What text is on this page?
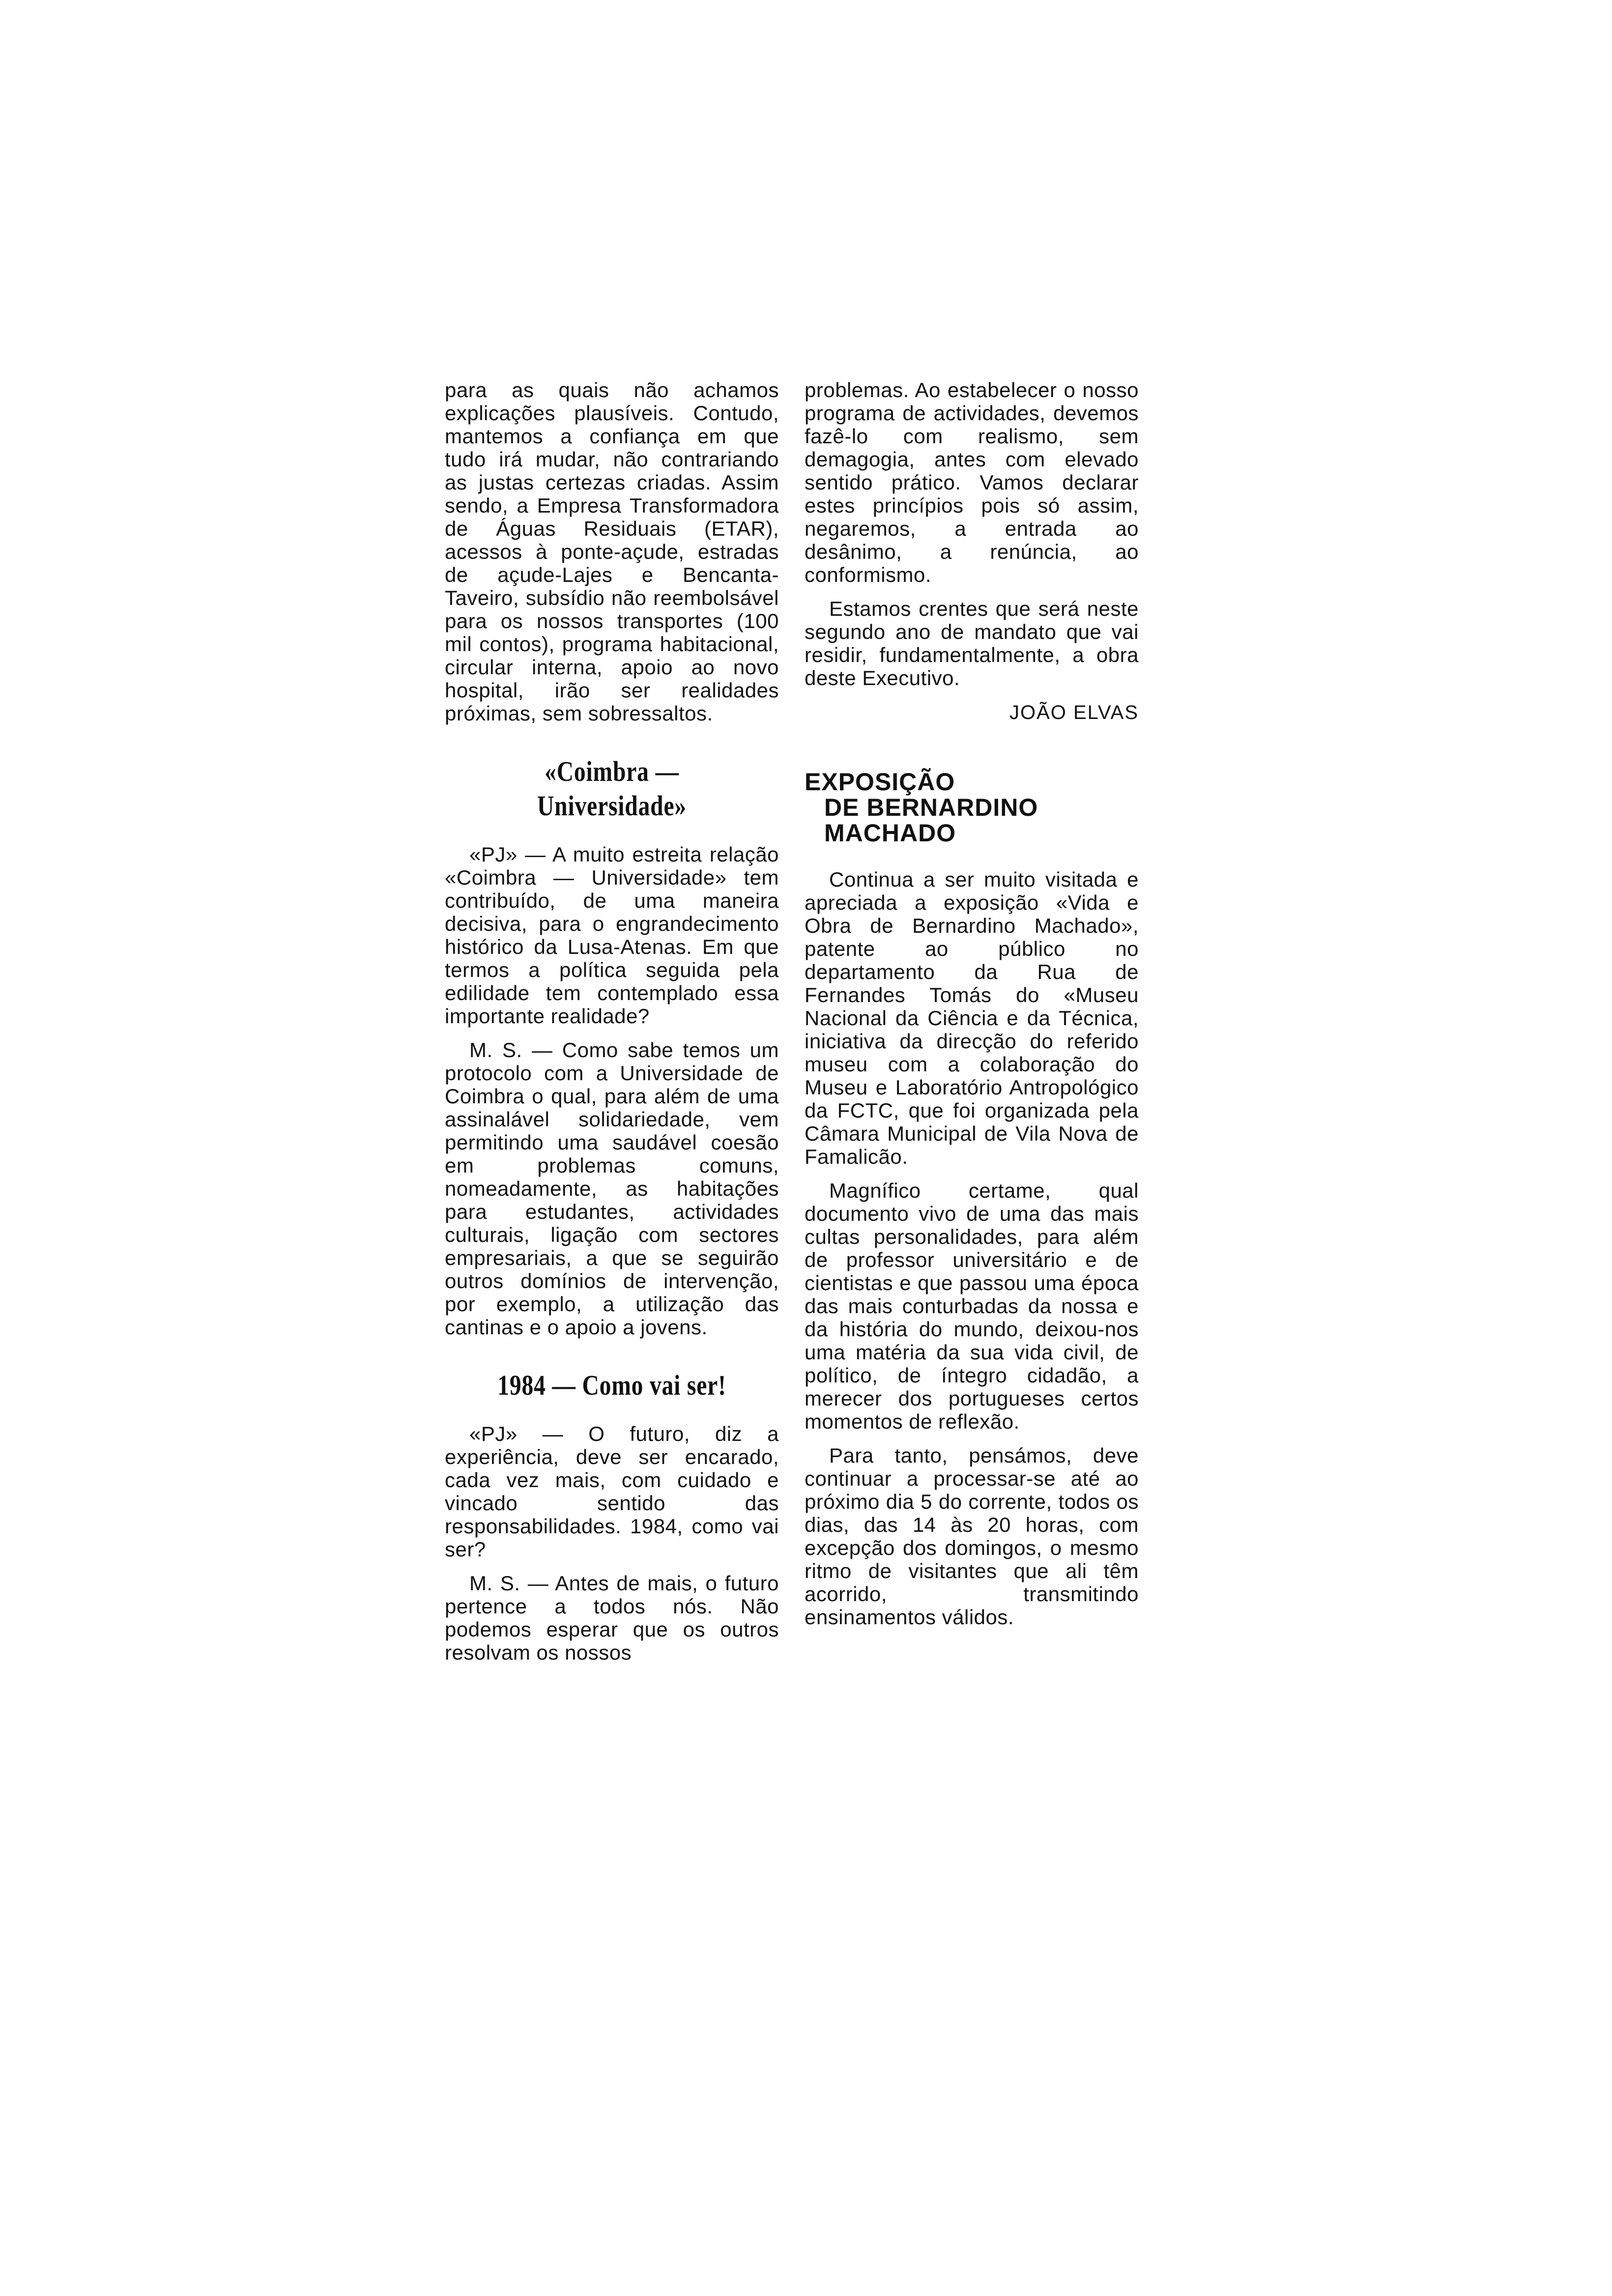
para as quais não achamos explicações plausíveis. Contudo, mantemos a confiança em que tudo irá mudar, não contrariando as justas certezas criadas. Assim sendo, a Empresa Transformadora de Águas Residuais (ETAR), acessos à ponte-açude, estradas de açude-Lajes e Bencanta-Taveiro, subsídio não reembolsável para os nossos transportes (100 mil contos), programa habitacional, circular interna, apoio ao novo hospital, irão ser realidades próximas, sem sobressaltos.

«Coimbra — Universidade»

«PJ» — A muito estreita relação «Coimbra — Universidade» tem contribuído, de uma maneira decisiva, para o engrandecimento histórico da Lusa-Atenas. Em que termos a política seguida pela edilidade tem contemplado essa importante realidade?

M. S. — Como sabe temos um protocolo com a Universidade de Coimbra o qual, para além de uma assinalável solidariedade, vem permitindo uma saudável coesão em problemas comuns, nomeadamente, as habitações para estudantes, actividades culturais, ligação com sectores empresariais, a que se seguirão outros domínios de intervenção, por exemplo, a utilização das cantinas e o apoio a jovens.

1984 — Como vai ser!

«PJ» — O futuro, diz a experiência, deve ser encarado, cada vez mais, com cuidado e vincado sentido das responsabilidades. 1984, como vai ser?

M. S. — Antes de mais, o futuro pertence a todos nós. Não podemos esperar que os outros resolvam os nossos

problemas. Ao estabelecer o nosso programa de actividades, devemos fazê-lo com realismo, sem demagogia, antes com elevado sentido prático. Vamos declarar estes princípios pois só assim, negaremos, a entrada ao desânimo, a renúncia, ao conformismo.

Estamos crentes que será neste segundo ano de mandato que vai residir, fundamentalmente, a obra deste Executivo.

JOÃO ELVAS
EXPOSIÇÃO
DE BERNARDINO
MACHADO

Continua a ser muito visitada e apreciada a exposição «Vida e Obra de Bernardino Machado», patente ao público no departamento da Rua de Fernandes Tomás do «Museu Nacional da Ciência e da Técnica, iniciativa da direcção do referido museu com a colaboração do Museu e Laboratório Antropológico da FCTC, que foi organizada pela Câmara Municipal de Vila Nova de Famalicão.

Magnífico certame, qual documento vivo de uma das mais cultas personalidades, para além de professor universitário e de cientistas e que passou uma época das mais conturbadas da nossa e da história do mundo, deixou-nos uma matéria da sua vida civil, de político, de íntegro cidadão, a merecer dos portugueses certos momentos de reflexão.

Para tanto, pensámos, deve continuar a processar-se até ao próximo dia 5 do corrente, todos os dias, das 14 às 20 horas, com excepção dos domingos, o mesmo ritmo de visitantes que ali têm acorrido, transmitindo ensinamentos válidos.
